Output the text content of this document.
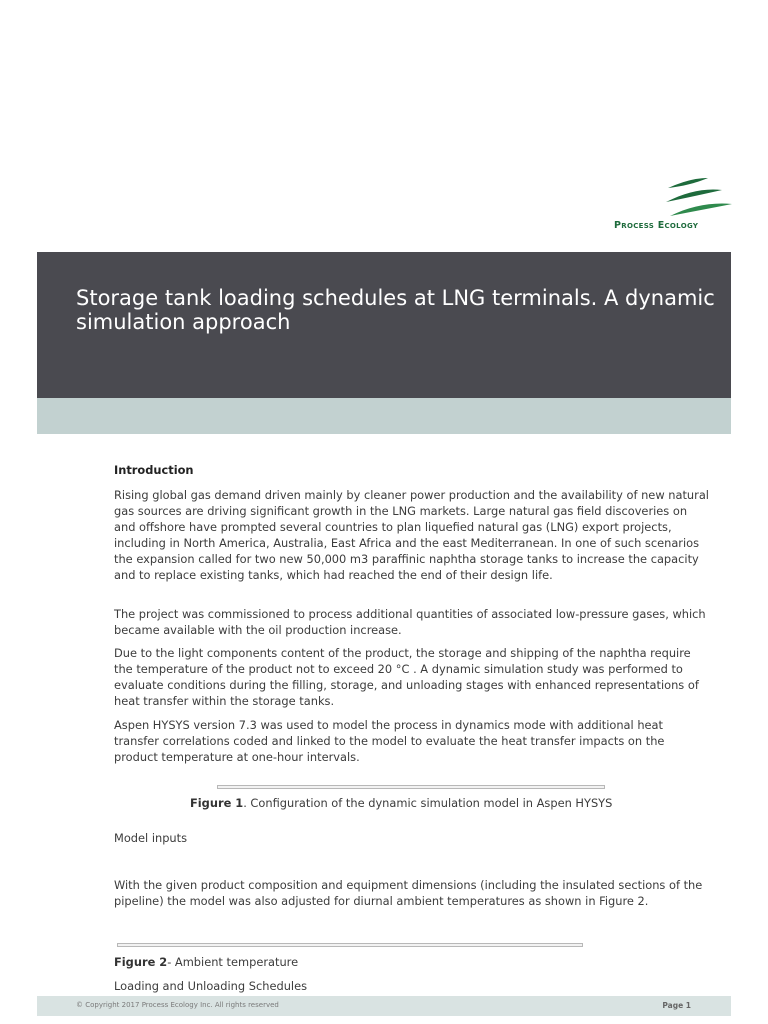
Process Ecology
Storage tank loading schedules at LNG terminals. A dynamic simulation approach
Introduction

Rising global gas demand driven mainly by cleaner power production and the availability of new natural gas sources are driving significant growth in the LNG markets. Large natural gas field discoveries on and offshore have prompted several countries to plan liquefied natural gas (LNG) export projects, including in North America, Australia, East Africa and the east Mediterranean. In one of such scenarios the expansion called for two new 50,000 m3 paraffinic naphtha storage tanks to increase the capacity and to replace existing tanks, which had reached the end of their design life.

The project was commissioned to process additional quantities of associated low-pressure gases, which became available with the oil production increase.

Due to the light components content of the product, the storage and shipping of the naphtha require the temperature of the product not to exceed 20 °C . A dynamic simulation study was performed to evaluate conditions during the filling, storage, and unloading stages with enhanced representations of heat transfer within the storage tanks.

Aspen HYSYS version 7.3 was used to model the process in dynamics mode with additional heat transfer correlations coded and linked to the model to evaluate the heat transfer impacts on the product temperature at one-hour intervals.

Figure 1. Configuration of the dynamic simulation model in Aspen HYSYS
Model inputs

With the given product composition and equipment dimensions (including the insulated sections of the pipeline) the model was also adjusted for diurnal ambient temperatures as shown in Figure 2.

Figure 2- Ambient temperature
Loading and Unloading Schedules
© Copyright 2017 Process Ecology Inc. All rights reserved	Page 1
